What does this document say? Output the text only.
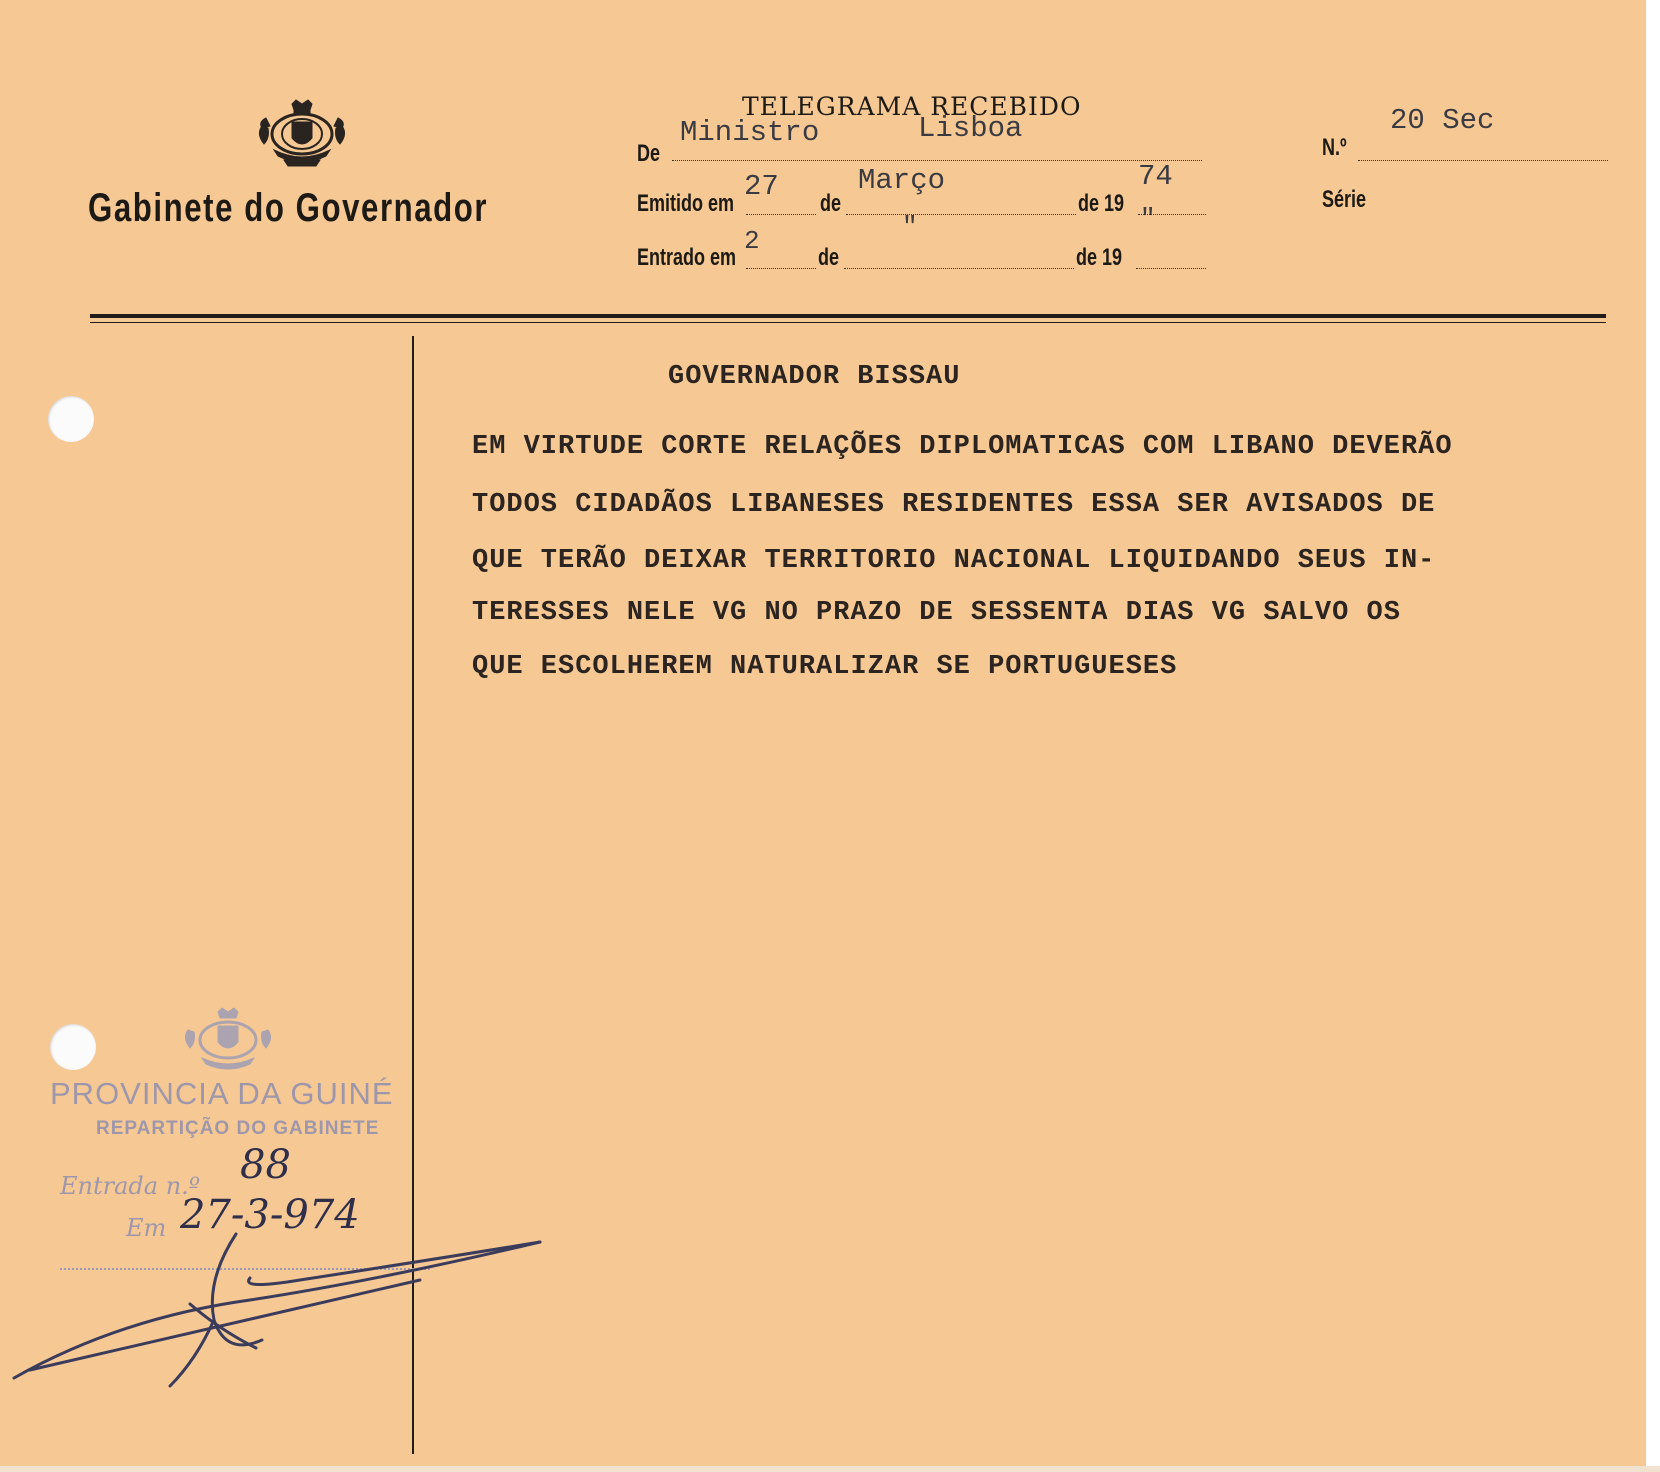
Gabinete do Governador
TELEGRAMA RECEBIDO
De
Ministro	Lisboa
Emitido em
27
de
Março
de 19
74
Entrado em
2
de
"
de 19
"
N.º
20 Sec
Série
GOVERNADOR BISSAU
EM VIRTUDE CORTE RELAÇÕES DIPLOMATICAS COM LIBANO DEVERÃO
TODOS CIDADÃOS LIBANESES RESIDENTES ESSA SER AVISADOS DE
QUE TERÃO DEIXAR TERRITORIO NACIONAL LIQUIDANDO SEUS IN-
TERESSES NELE VG NO PRAZO DE SESSENTA DIAS VG SALVO OS
QUE ESCOLHEREM NATURALIZAR SE PORTUGUESES
PROVINCIA DA GUINÉ
REPARTIÇÃO DO GABINETE
Entrada n.º
Em
88
27-3-974
